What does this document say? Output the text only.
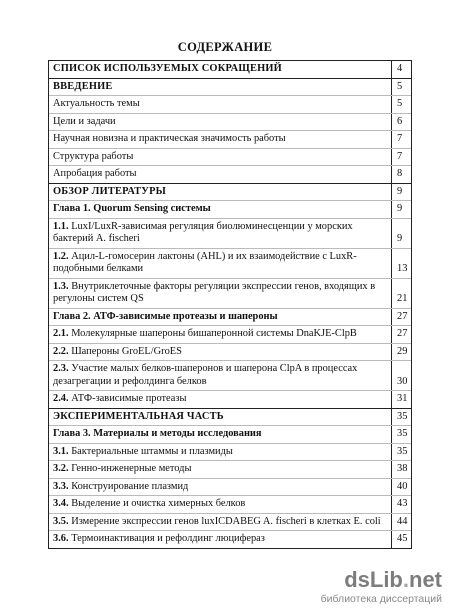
СОДЕРЖАНИЕ
СПИСОК ИСПОЛЬЗУЕМЫХ СОКРАЩЕНИЙ	4
ВВЕДЕНИЕ	5
Актуальность темы	5
Цели и задачи	6
Научная новизна и практическая значимость работы	7
Структура работы	7
Апробация работы	8
ОБЗОР ЛИТЕРАТУРЫ	9
Глава 1. Quorum Sensing системы	9
1.1. LuxI/LuxR-зависимая регуляция биолюминесценции у морских бактерий A. fischeri	9
1.2. Ацил-L-гомосерин лактоны (AHL) и их взаимодействие с LuxR-подобными белками	13
1.3. Внутриклеточные факторы регуляции экспрессии генов, входящих в регулоны систем QS	21
Глава 2. АТФ-зависимые протеазы и шапероны	27
2.1. Молекулярные шапероны бишаперонной системы DnaKJE-ClpB	27
2.2. Шапероны GroEL/GroES	29
2.3. Участие малых белков-шаперонов и шаперона ClpA в процессах дезагрегации и рефолдинга белков	30
2.4. АТФ-зависимые протеазы	31
ЭКСПЕРИМЕНТАЛЬНАЯ ЧАСТЬ	35
Глава 3. Материалы и методы исследования	35
3.1. Бактериальные штаммы и плазмиды	35
3.2. Генно-инженерные методы	38
3.3. Конструирование плазмид	40
3.4. Выделение и очистка химерных белков	43
3.5. Измерение экспрессии генов luxICDABEG A. fischeri в клетках E. coli	44
3.6. Термоинактивация и рефолдинг люцифераз	45
dsLib.net
библиотека диссертаций
